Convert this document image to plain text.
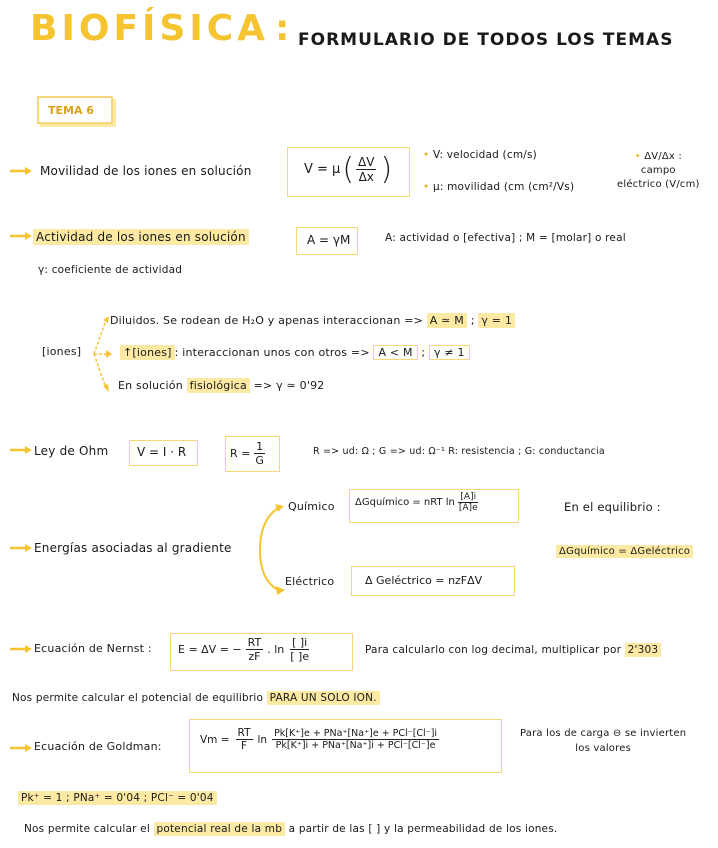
BIOFÍSICA : FORMULARIO DE TODOS LOS TEMAS
TEMA 6
Movilidad de los iones en solución	V = μ ( $\frac{\Delta V}{\Delta x}$ )	• V: velocidad (cm/s)
• μ: movilidad (cm (cm²/Vs)
• ΔV/Δx :
campo
eléctrico (V/cm)
Actividad de los iones en solución	A = γM	A: actividad o [efectiva] ; M = [molar] o real
γ: coeficiente de actividad
[iones]
Diluidos. Se rodean de H₂O y apenas interaccionan => A ≃ M ; γ = 1
↑[iones] : interaccionan unos con otros => A < M ; γ ≠ 1
En solución fisiológica => γ ≃ 0'92
Ley de Ohm V = I · R	$R = \frac{1}{G}$	R => ud: Ω ; G => ud: Ω⁻¹ R: resistencia ; G: conductancia
Energías asociadas al gradiente
Químico ΔGquímico = nRT $\ln \frac{[A]i}{[A]e}$	En el equilibrio :
ΔGquímico = ΔGeléctrico
Eléctrico	Δ Geléctrico = nzFΔV
Ecuación de Nernst : E = ΔV = − $\frac{RT}{zF}$ . $\ln \frac{[ ]i}{[ ]e}$	Para calcularlo con log decimal, multiplicar por 2'303
Nos permite calcular el potencial de equilibrio PARA UN SOLO ION.
Ecuación de Goldman:
$Vm = \frac{RT}{F}$ $\ln \frac{\text{Pk[K⁺]e + PNa⁺[Na⁺]e + PCl⁻[Cl⁻]i}}{\text{Pk[K⁺]i + PNa⁺[Na⁺]i + PCl⁻[Cl⁻]e}}$	Para los de carga ⊖ se invierten
los valores
Pk⁺ = 1 ; PNa⁺ = 0'04 ; PCl⁻ = 0'04
Nos permite calcular el potencial real de la mb a partir de las [ ] y la permeabilidad de los iones.
